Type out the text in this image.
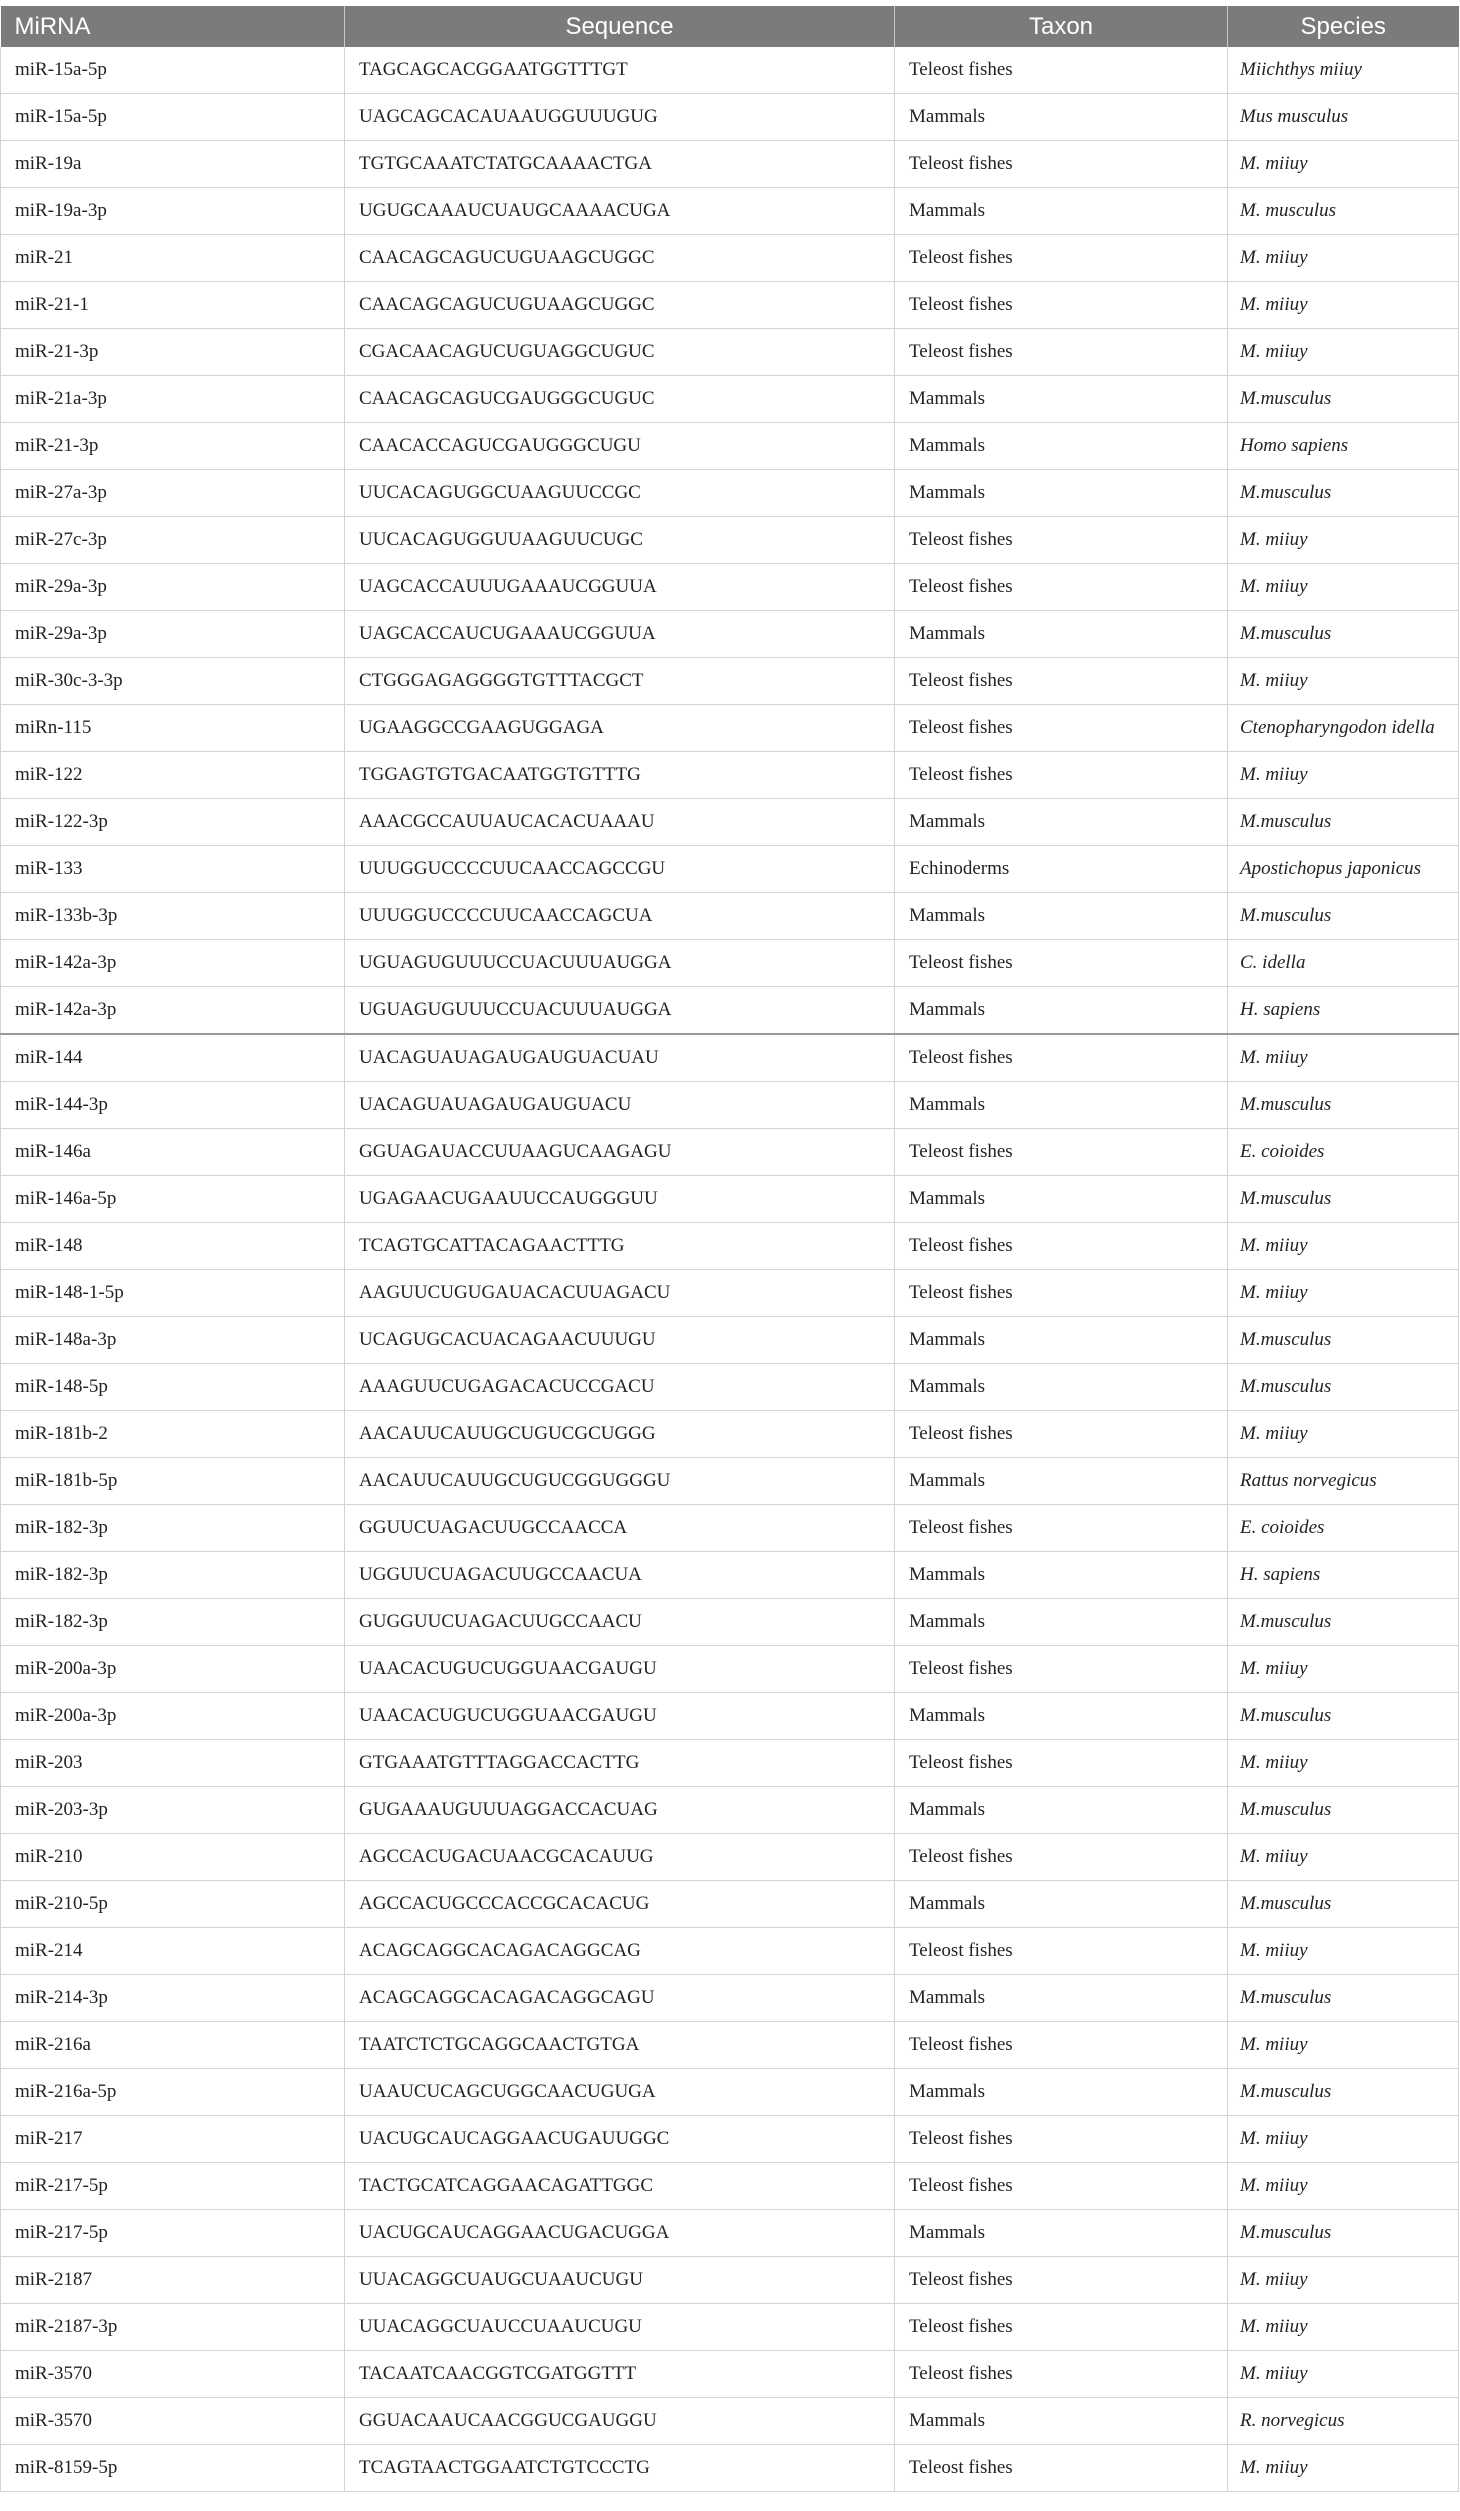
MiRNA	Sequence	Taxon	Species
miR-15a-5p	TAGCAGCACGGAATGGTTTGT	Teleost fishes	Miichthys miiuy
miR-15a-5p	UAGCAGCACAUAAUGGUUUGUG	Mammals	Mus musculus
miR-19a	TGTGCAAATCTATGCAAAACTGA	Teleost fishes	M. miiuy
miR-19a-3p	UGUGCAAAUCUAUGCAAAACUGA	Mammals	M. musculus
miR-21	CAACAGCAGUCUGUAAGCUGGC	Teleost fishes	M. miiuy
miR-21-1	CAACAGCAGUCUGUAAGCUGGC	Teleost fishes	M. miiuy
miR-21-3p	CGACAACAGUCUGUAGGCUGUC	Teleost fishes	M. miiuy
miR-21a-3p	CAACAGCAGUCGAUGGGCUGUC	Mammals	M.musculus
miR-21-3p	CAACACCAGUCGAUGGGCUGU	Mammals	Homo sapiens
miR-27a-3p	UUCACAGUGGCUAAGUUCCGC	Mammals	M.musculus
miR-27c-3p	UUCACAGUGGUUAAGUUCUGC	Teleost fishes	M. miiuy
miR-29a-3p	UAGCACCAUUUGAAAUCGGUUA	Teleost fishes	M. miiuy
miR-29a-3p	UAGCACCAUCUGAAAUCGGUUA	Mammals	M.musculus
miR-30c-3-3p	CTGGGAGAGGGGTGTTTACGCT	Teleost fishes	M. miiuy
miRn-115	UGAAGGCCGAAGUGGAGA	Teleost fishes	Ctenopharyngodon idella
miR-122	TGGAGTGTGACAATGGTGTTTG	Teleost fishes	M. miiuy
miR-122-3p	AAACGCCAUUAUCACACUAAAU	Mammals	M.musculus
miR-133	UUUGGUCCCCUUCAACCAGCCGU	Echinoderms	Apostichopus japonicus
miR-133b-3p	UUUGGUCCCCUUCAACCAGCUA	Mammals	M.musculus
miR-142a-3p	UGUAGUGUUUCCUACUUUAUGGA	Teleost fishes	C. idella
miR-142a-3p	UGUAGUGUUUCCUACUUUAUGGA	Mammals	H. sapiens
miR-144	UACAGUAUAGAUGAUGUACUAU	Teleost fishes	M. miiuy
miR-144-3p	UACAGUAUAGAUGAUGUACU	Mammals	M.musculus
miR-146a	GGUAGAUACCUUAAGUCAAGAGU	Teleost fishes	E. coioides
miR-146a-5p	UGAGAACUGAAUUCCAUGGGUU	Mammals	M.musculus
miR-148	TCAGTGCATTACAGAACTTTG	Teleost fishes	M. miiuy
miR-148-1-5p	AAGUUCUGUGAUACACUUAGACU	Teleost fishes	M. miiuy
miR-148a-3p	UCAGUGCACUACAGAACUUUGU	Mammals	M.musculus
miR-148-5p	AAAGUUCUGAGACACUCCGACU	Mammals	M.musculus
miR-181b-2	AACAUUCAUUGCUGUCGCUGGG	Teleost fishes	M. miiuy
miR-181b-5p	AACAUUCAUUGCUGUCGGUGGGU	Mammals	Rattus norvegicus
miR-182-3p	GGUUCUAGACUUGCCAACCA	Teleost fishes	E. coioides
miR-182-3p	UGGUUCUAGACUUGCCAACUA	Mammals	H. sapiens
miR-182-3p	GUGGUUCUAGACUUGCCAACU	Mammals	M.musculus
miR-200a-3p	UAACACUGUCUGGUAACGAUGU	Teleost fishes	M. miiuy
miR-200a-3p	UAACACUGUCUGGUAACGAUGU	Mammals	M.musculus
miR-203	GTGAAATGTTTAGGACCACTTG	Teleost fishes	M. miiuy
miR-203-3p	GUGAAAUGUUUAGGACCACUAG	Mammals	M.musculus
miR-210	AGCCACUGACUAACGCACAUUG	Teleost fishes	M. miiuy
miR-210-5p	AGCCACUGCCCACCGCACACUG	Mammals	M.musculus
miR-214	ACAGCAGGCACAGACAGGCAG	Teleost fishes	M. miiuy
miR-214-3p	ACAGCAGGCACAGACAGGCAGU	Mammals	M.musculus
miR-216a	TAATCTCTGCAGGCAACTGTGA	Teleost fishes	M. miiuy
miR-216a-5p	UAAUCUCAGCUGGCAACUGUGA	Mammals	M.musculus
miR-217	UACUGCAUCAGGAACUGAUUGGC	Teleost fishes	M. miiuy
miR-217-5p	TACTGCATCAGGAACAGATTGGC	Teleost fishes	M. miiuy
miR-217-5p	UACUGCAUCAGGAACUGACUGGA	Mammals	M.musculus
miR-2187	UUACAGGCUAUGCUAAUCUGU	Teleost fishes	M. miiuy
miR-2187-3p	UUACAGGCUAUCCUAAUCUGU	Teleost fishes	M. miiuy
miR-3570	TACAATCAACGGTCGATGGTTT	Teleost fishes	M. miiuy
miR-3570	GGUACAAUCAACGGUCGAUGGU	Mammals	R. norvegicus
miR-8159-5p	TCAGTAACTGGAATCTGTCCCTG	Teleost fishes	M. miiuy
